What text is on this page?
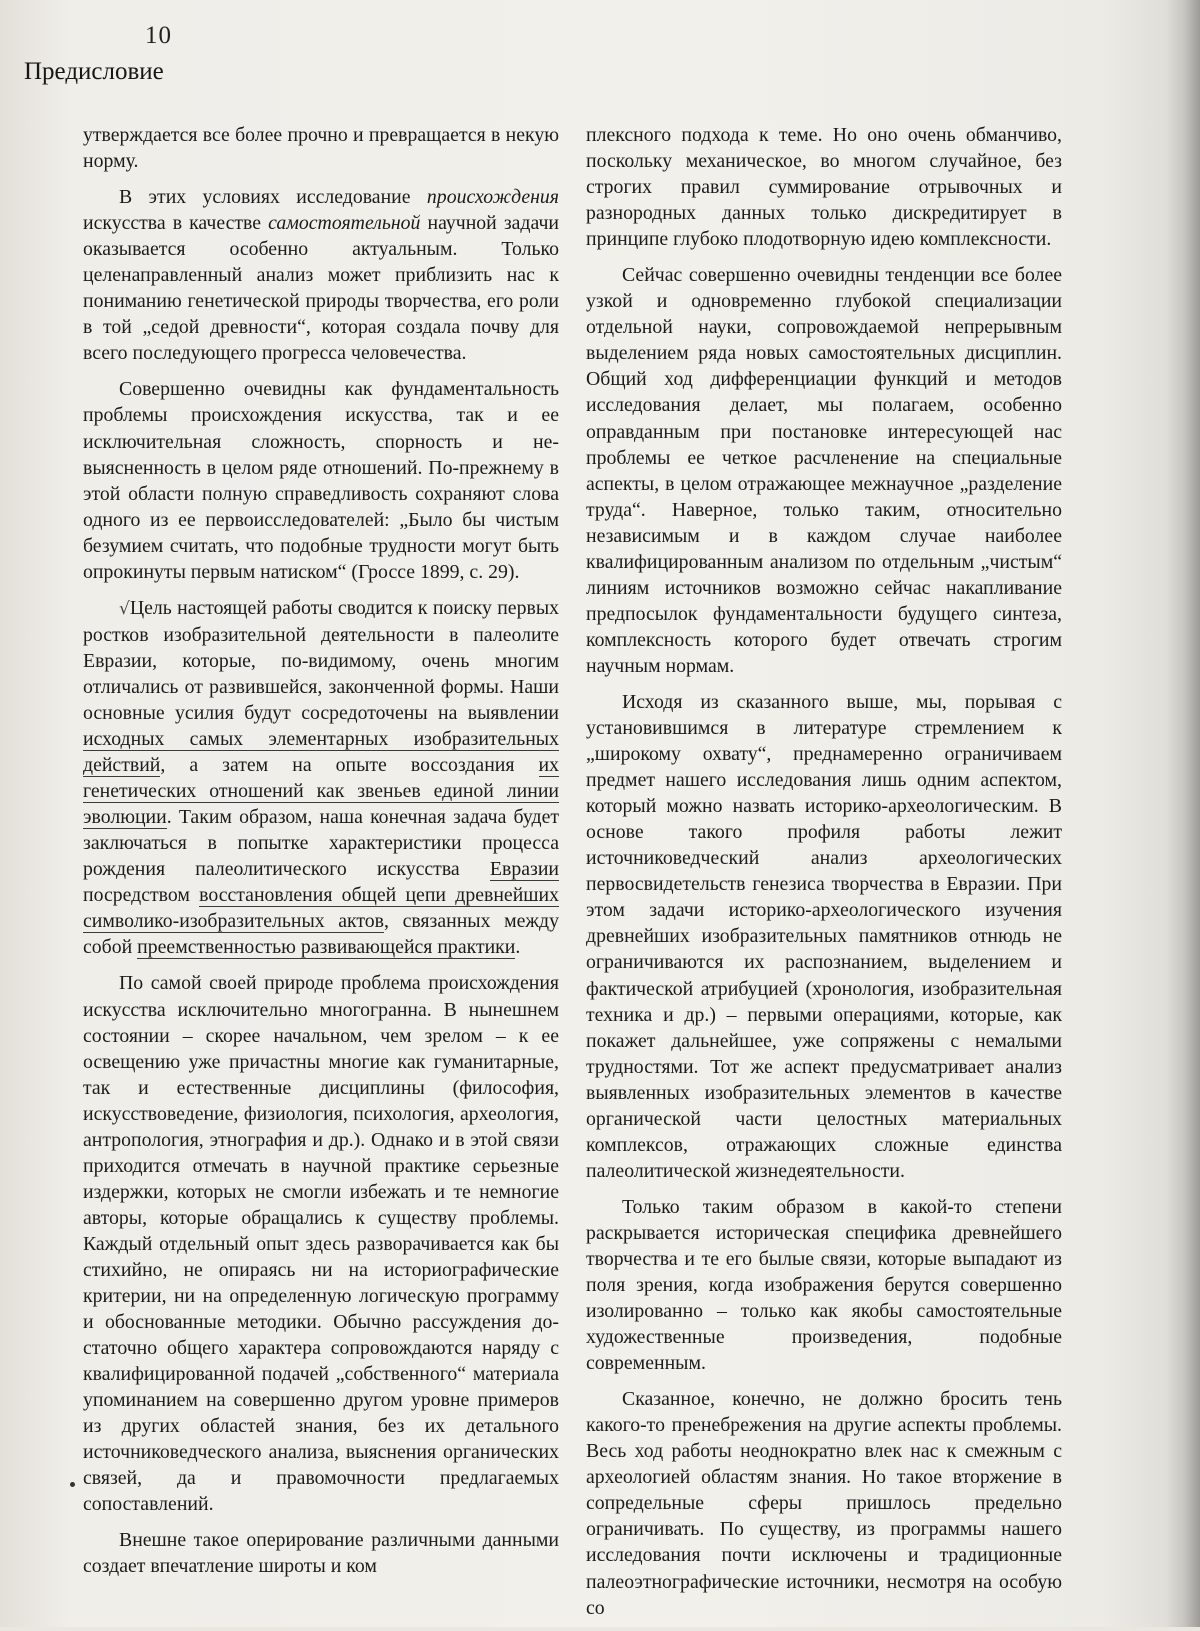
10
Предисловие

утверждается все более прочно и превращается в некую норму.

В этих условиях исследование происхождения искусства в качестве самостоятельной научной задачи оказывается особенно актуальным. Только целенаправленный анализ может при­близить нас к пониманию генетической при­роды творчества, его роли в той „седой древно­сти“, которая создала почву для всего после­дующего прогресса человечества.

Совершенно очевидны как фундаменталь­ность проблемы происхождения искусства, так и ее исключительная сложность, спорность и не­выясненность в целом ряде отношений. По-прежнему в этой области полную справедли­вость сохраняют слова одного из ее первоиссле­дователей: „Было бы чистым безумием считать, что подобные трудности могут быть опрокинуты первым натиском“ (Гроссе 1899, с. 29).

√Цель настоящей работы сводится к поиску первых ростков изобразительной деятельности в палеолите Евразии, которые, по-видимому, очень многим отличались от развившейся, за­конченной формы. Наши основные усилия бу­дут сосредоточены на выявлении исходных са­мых элементарных изобразительных действий, а затем на опыте воссоздания их генетических отношений как звеньев единой линии эволю­ции. Таким образом, наша конечная задача бу­дет заключаться в попытке характеристики про­цесса рождения палеолитического искусства Евразии посредством восстановления общей цепи древнейших символико-изобразительных актов, связанных между собой преемственно­стью развивающейся практики.

По самой своей природе проблема происхо­ждения искусства исключительно многогранна. В нынешнем состоянии – скорее начальном, чем зрелом – к ее освещению уже причастны многие как гуманитарные, так и естественные дисциплины (философия, искусствоведение, фи­зиология, психология, археология, антрополо­гия, этнография и др.). Однако и в этой связи приходится отмечать в научной практике серьез­ные издержки, которых не смогли избежать и те немногие авторы, которые обращались к су­ществу проблемы. Каждый отдельный опыт здесь разворачивается как бы стихийно, не опи­раясь ни на историографические критерии, ни на определенную логическую программу и обо­снованные методики. Обычно рассуждения до­статочно общего характера сопровождаются на­ряду с квалифицированной подачей „собствен­ного“ материала упоминанием на совершенно другом уровне примеров из других областей зна­ния, без их детального источниковедческого анализа, выяснения органических связей, да и правомочности предлагаемых сопоставлений.

Внешне такое оперирование различными данными создает впечатление широты и ком­

плексного подхода к теме. Но оно очень обман­чиво, поскольку механическое, во многом случайное, без строгих правил суммирование от­рывочных и разнородных данных только дискре­дитирует в принципе глубоко плодотворную идею комплексности.

Сейчас совершенно очевидны тенденции все более узкой и одновременно глубокой специали­зации отдельной науки, сопровождаемой непре­рывным выделением ряда новых самостоятель­ных дисциплин. Общий ход дифференциации функций и методов исследования делает, мы по­лагаем, особенно оправданным при постановке интересующей нас проблемы ее четкое расчле­нение на специальные аспекты, в целом отража­ющее межнаучное „разделение труда“. Навер­ное, только таким, относительно независимым и в каждом случае наиболее квалифицированным анализом по отдельным „чистым“ линиям ис­точников возможно сейчас накапливание пред­посылок фундаментальности будущего синтеза, комплексность которого будет отвечать строгим научным нормам.

Исходя из сказанного выше, мы, порывая с установившимся в литературе стремлением к „широкому охвату“, преднамеренно ограничи­ваем предмет нашего исследования лишь одним аспектом, который можно назвать историко-ар­хеологическим. В основе такого профиля ра­боты лежит источниковедческий анализ архео­логических первосвидетельств генезиса твор­чества в Евразии. При этом задачи историко-ар­хеологического изучения древнейших изобра­зительных памятников отнюдь не ограничива­ются их распознанием, выделением и фактиче­ской атрибуцией (хронология, изобразительная техника и др.) – первыми операциями, которые, как покажет дальнейшее, уже сопряжены с не­малыми трудностями. Тот же аспект предусма­тривает анализ выявленных изобразительных элементов в качестве органической части це­лостных материальных комплексов, отража­ющих сложные единства палеолитической жиз­недеятельности.

Только таким образом в какой-то степени раскрывается историческая специфика древней­шего творчества и те его былые связи, которые выпадают из поля зрения, когда изображе­ния берутся совершенно изолированно – только как якобы самостоятельные художественные произведения, подобные современным.

Сказанное, конечно, не должно бросить тень какого-то пренебрежения на другие аспекты проблемы. Весь ход работы неоднократно влек нас к смежным с археологией областям знания. Но такое вторжение в сопредельные сферы пришлось предельно ограничивать. По су­ществу, из программы нашего исследования по­чти исключены и традиционные палеоэтногра­фические источники, несмотря на особую со­
